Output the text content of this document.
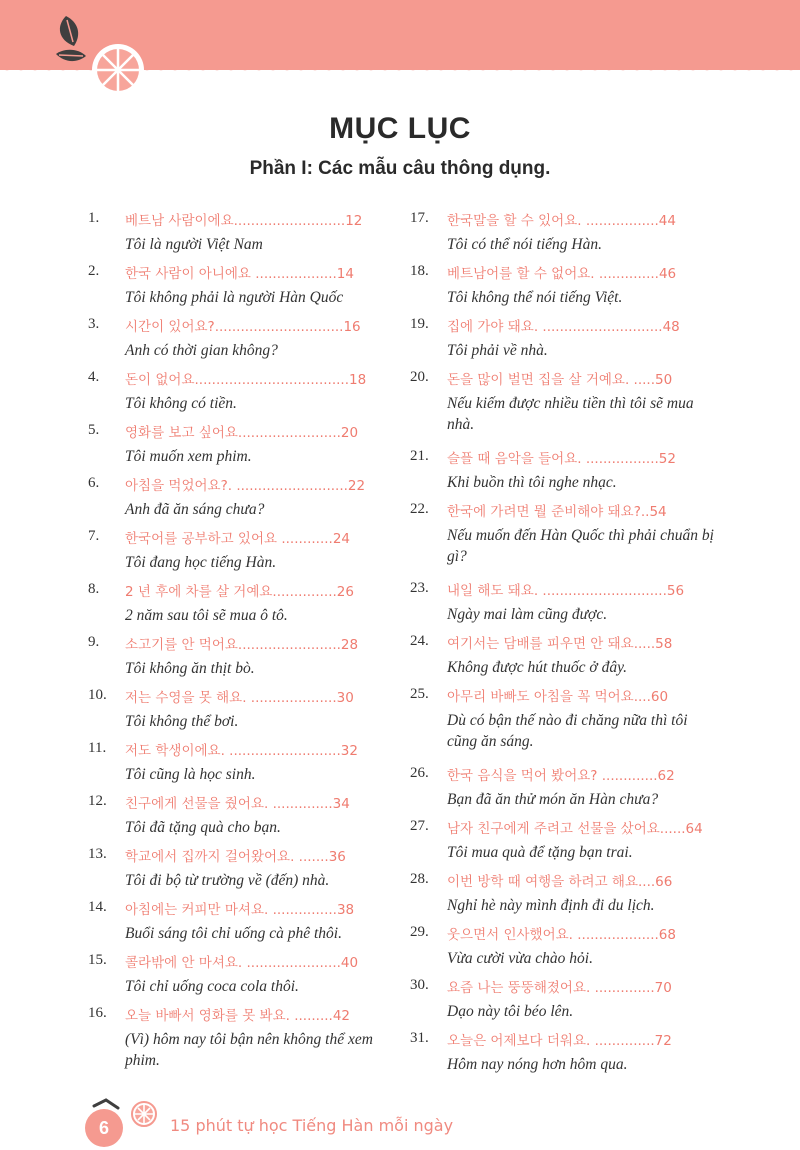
MỤC LỤC
Phần I: Các mẫu câu thông dụng.
1.	베트남 사람이에요..........................12
Tôi là người Việt Nam
2.	한국 사람이 아니에요 ...................14
Tôi không phải là người Hàn Quốc
3.	시간이 있어요?..............................16
Anh có thời gian không?
4.	돈이 없어요....................................18
Tôi không có tiền.
5.	영화를 보고 싶어요........................20
Tôi muốn xem phim.
6.	아침을 먹었어요?. ..........................22
Anh đã ăn sáng chưa?
7.	한국어를 공부하고 있어요 ............24
Tôi đang học tiếng Hàn.
8.	2 년 후에 차를 살 거예요...............26
2 năm sau tôi sẽ mua ô tô.
9.	소고기를 안 먹어요........................28
Tôi không ăn thịt bò.
10.	저는 수영을 못 해요. ....................30
Tôi không thể bơi.
11.	저도 학생이에요. ..........................32
Tôi cũng là học sinh.
12.	친구에게 선물을 줬어요. ..............34
Tôi đã tặng quà cho bạn.
13.	학교에서 집까지 걸어왔어요. .......36
Tôi đi bộ từ trường về (đến) nhà.
14.	아침에는 커피만 마셔요. ...............38
Buổi sáng tôi chỉ uống cà phê thôi.
15.	콜라밖에 안 마셔요. ......................40
Tôi chỉ uống coca cola thôi.
16.	오늘 바빠서 영화를 못 봐요. .........42
(Vì) hôm nay tôi bận nên không thể xem phim.
17.	한국말을 할 수 있어요. .................44
Tôi có thể nói tiếng Hàn.
18.	베트남어를 할 수 없어요. ..............46
Tôi không thể nói tiếng Việt.
19.	집에 가야 돼요. ............................48
Tôi phải về nhà.
20.	돈을 많이 벌면 집을 살 거예요. .....50
Nếu kiếm được nhiều tiền thì tôi sẽ mua nhà.
21.	슬플 때 음악을 들어요. .................52
Khi buồn thì tôi nghe nhạc.
22.	한국에 가려면 뭘 준비해야 돼요?..54
Nếu muốn đến Hàn Quốc thì phải chuẩn bị gì?
23.	내일 해도 돼요. .............................56
Ngày mai làm cũng được.
24.	여기서는 담배를 피우면 안 돼요.....58
Không được hút thuốc ở đây.
25.	아무리 바빠도 아침을 꼭 먹어요....60
Dù có bận thế nào đi chăng nữa thì tôi cũng ăn sáng.
26.	한국 음식을 먹어 봤어요? .............62
Bạn đã ăn thử món ăn Hàn chưa?
27.	남자 친구에게 주려고 선물을 샀어요......64
Tôi mua quà để tặng bạn trai.
28.	이번 방학 때 여행을 하려고 해요....66
Nghỉ hè này mình định đi du lịch.
29.	웃으면서 인사했어요. ...................68
Vừa cười vừa chào hỏi.
30.	요즘 나는 뚱뚱해졌어요. ..............70
Dạo này tôi béo lên.
31.	오늘은 어제보다 더워요. ..............72
Hôm nay nóng hơn hôm qua.
6	15 phút tự học Tiếng Hàn mỗi ngày
